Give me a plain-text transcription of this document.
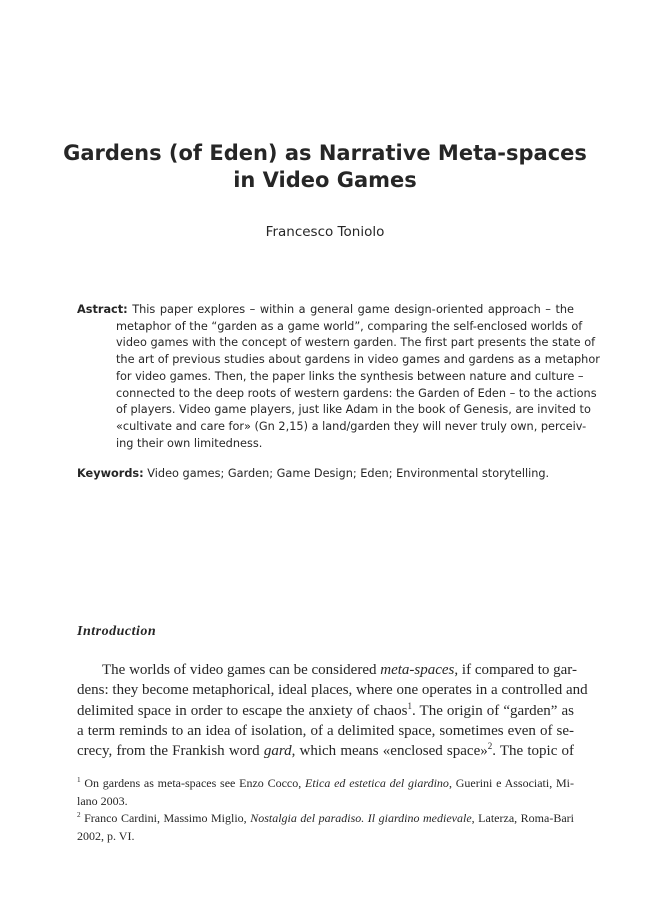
Gardens (of Eden) as Narrative Meta-spaces
in Video Games
Francesco Toniolo
Astract: This paper explores – within a general game design-oriented approach – the
metaphor of the “garden as a game world”, comparing the self-enclosed worlds of
video games with the concept of western garden. The first part presents the state of
the art of previous studies about gardens in video games and gardens as a metaphor
for video games. Then, the paper links the synthesis between nature and culture –
connected to the deep roots of western gardens: the Garden of Eden – to the actions
of players. Video game players, just like Adam in the book of Genesis, are invited to
«cultivate and care for» (Gn 2,15) a land/garden they will never truly own, perceiv-
ing their own limitedness.
Keywords: Video games; Garden; Game Design; Eden; Environmental storytelling.
Introduction
The worlds of video games can be considered meta-spaces, if compared to gar-
dens: they become metaphorical, ideal places, where one operates in a controlled and
delimited space in order to escape the anxiety of chaos$^1$. The origin of “garden” as
a term reminds to an idea of isolation, of a delimited space, sometimes even of se-
crecy, from the Frankish word gard, which means «enclosed space»$^2$. The topic of
$^1$ On gardens as meta-spaces see Enzo Cocco, Etica ed estetica del giardino, Guerini e Associati, Mi-
lano 2003.
$^2$ Franco Cardini, Massimo Miglio, Nostalgia del paradiso. Il giardino medievale, Laterza, Roma-Bari
2002, p. VI.
